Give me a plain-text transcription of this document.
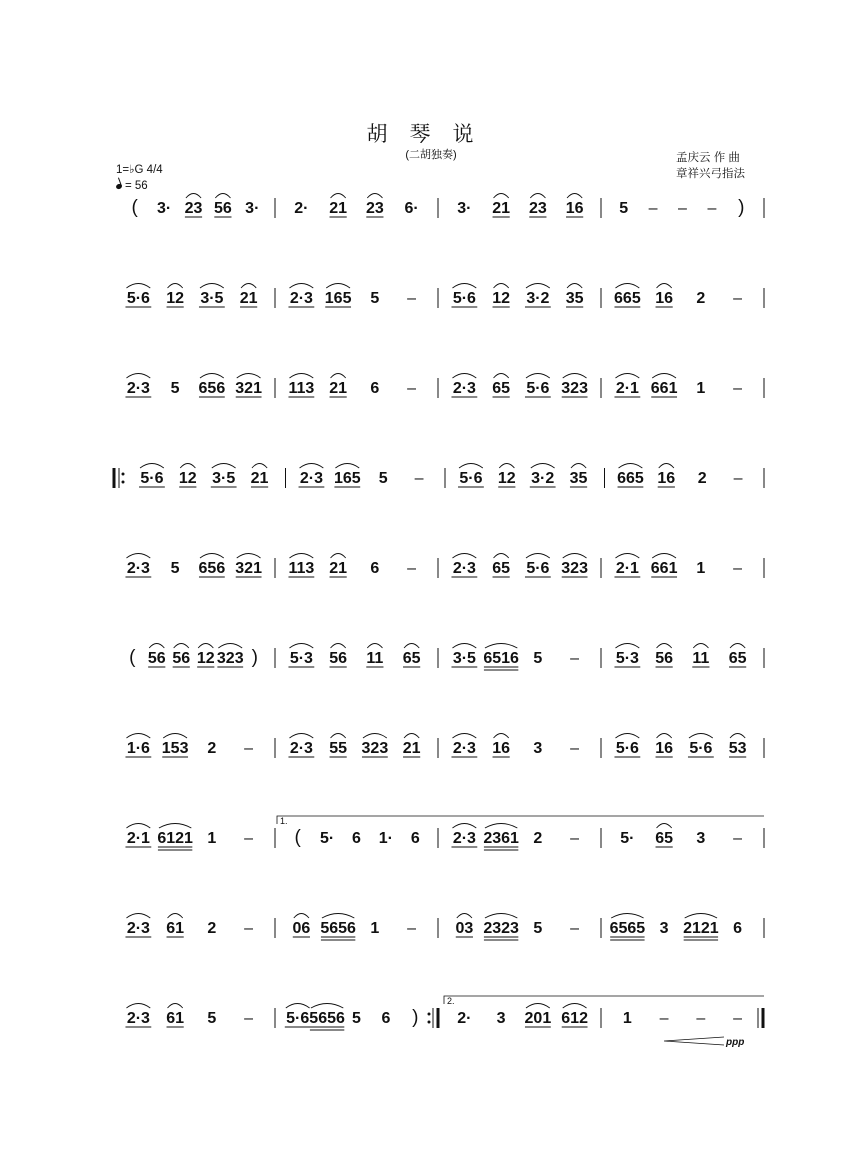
胡琴说
(二胡独奏)	孟庆云 作 曲
章祥兴弓指法
1=♭G 4/4
= 56
( 3· 23 56 3· 2· 21 23 6· 3· 21 23 16 5 – – – )
5·6 12 3·5 21 2·3 165 5 – 5·6 12 3·2 35 665 16 2 –
2·3 5 656 321 113 21 6 – 2·3 65 5·6 323 2·1 661 1 –
5·6 12 3·5 21 2·3 165 5 – 5·6 12 3·2 35 665 16 2 –
2·3 5 656 321 113 21 6 – 2·3 65 5·6 323 2·1 661 1 –
( 56 56 12 323 ) 5·3 56 11 65 3·5 6516 5 – 5·3 56 11 65
1·6 153 2 – 2·3 55 323 21 2·3 16 3 – 5·6 16 5·6 53
1.
2·1 6121 1 – ( 5· 6 1· 6 2·3 2361 2 –	5· 65 3 –
2·3 61 2 – 06 5656 1 – 03 2323 5 – 6565 3 2121 6
2.
2·3 61 5 – 5·6 5656 5 6 ) 2· 3 201 612 1 – – –
ppp
